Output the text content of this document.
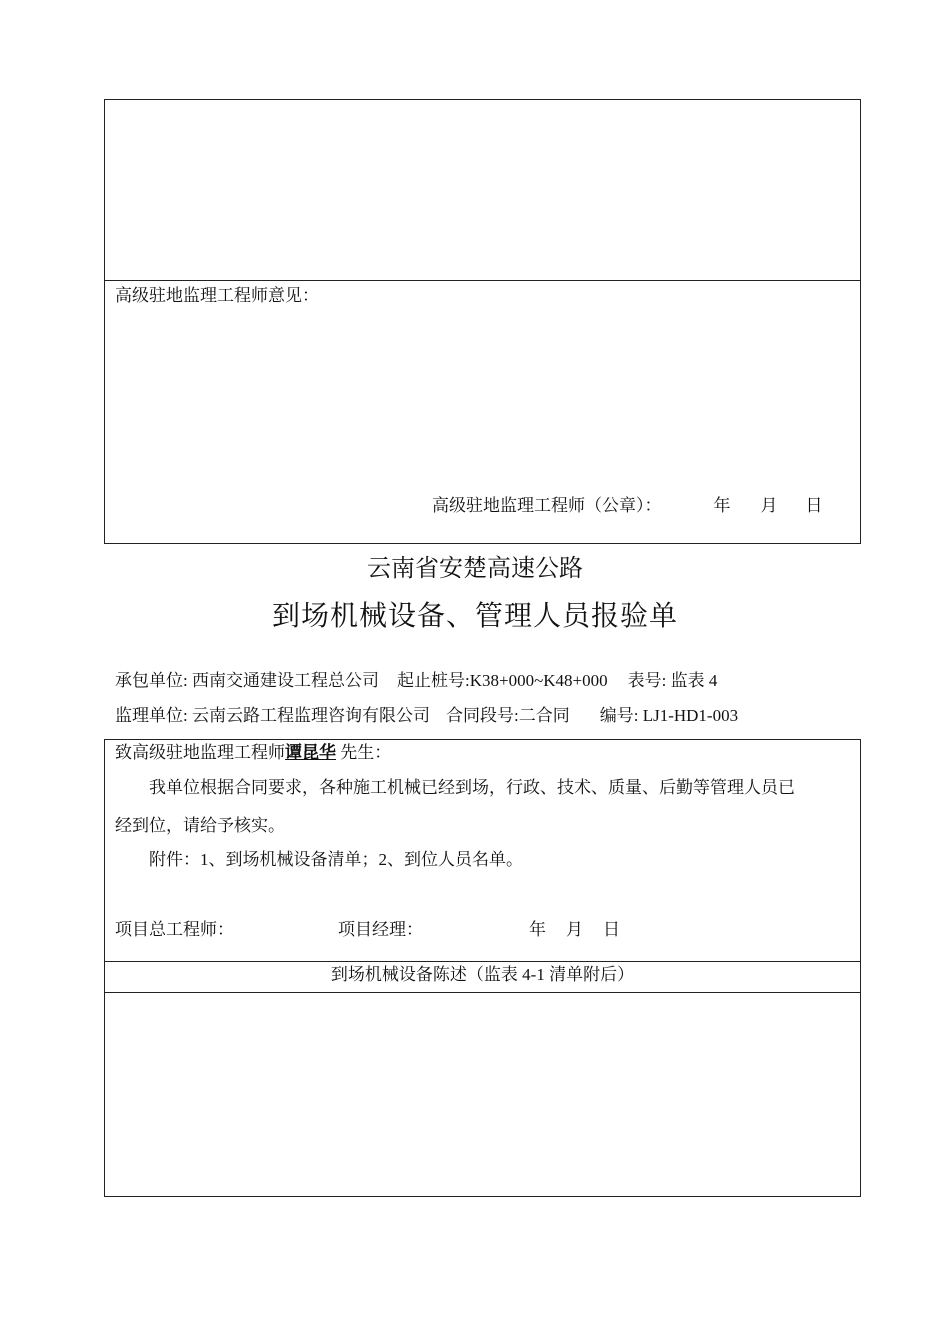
高级驻地监理工程师意见：
高级驻地监理工程师（公章）：	年 月 日
云南省安楚高速公路
到场机械设备、管理人员报验单
承包单位: 西南交通建设工程总公司 起止桩号:K38+000~K48+000 表号: 监表 4
监理单位: 云南云路工程监理咨询有限公司 合同段号:二合同 编号: LJ1-HD1-003
致高级驻地监理工程师谭昆华 先生：
我单位根据合同要求，各种施工机械已经到场，行政、技术、质量、后勤等管理人员已
经到位，请给予核实。
附件：1、到场机械设备清单；2、到位人员名单。
项目总工程师：	项目经理：	年 月 日
到场机械设备陈述（监表 4-1 清单附后）
